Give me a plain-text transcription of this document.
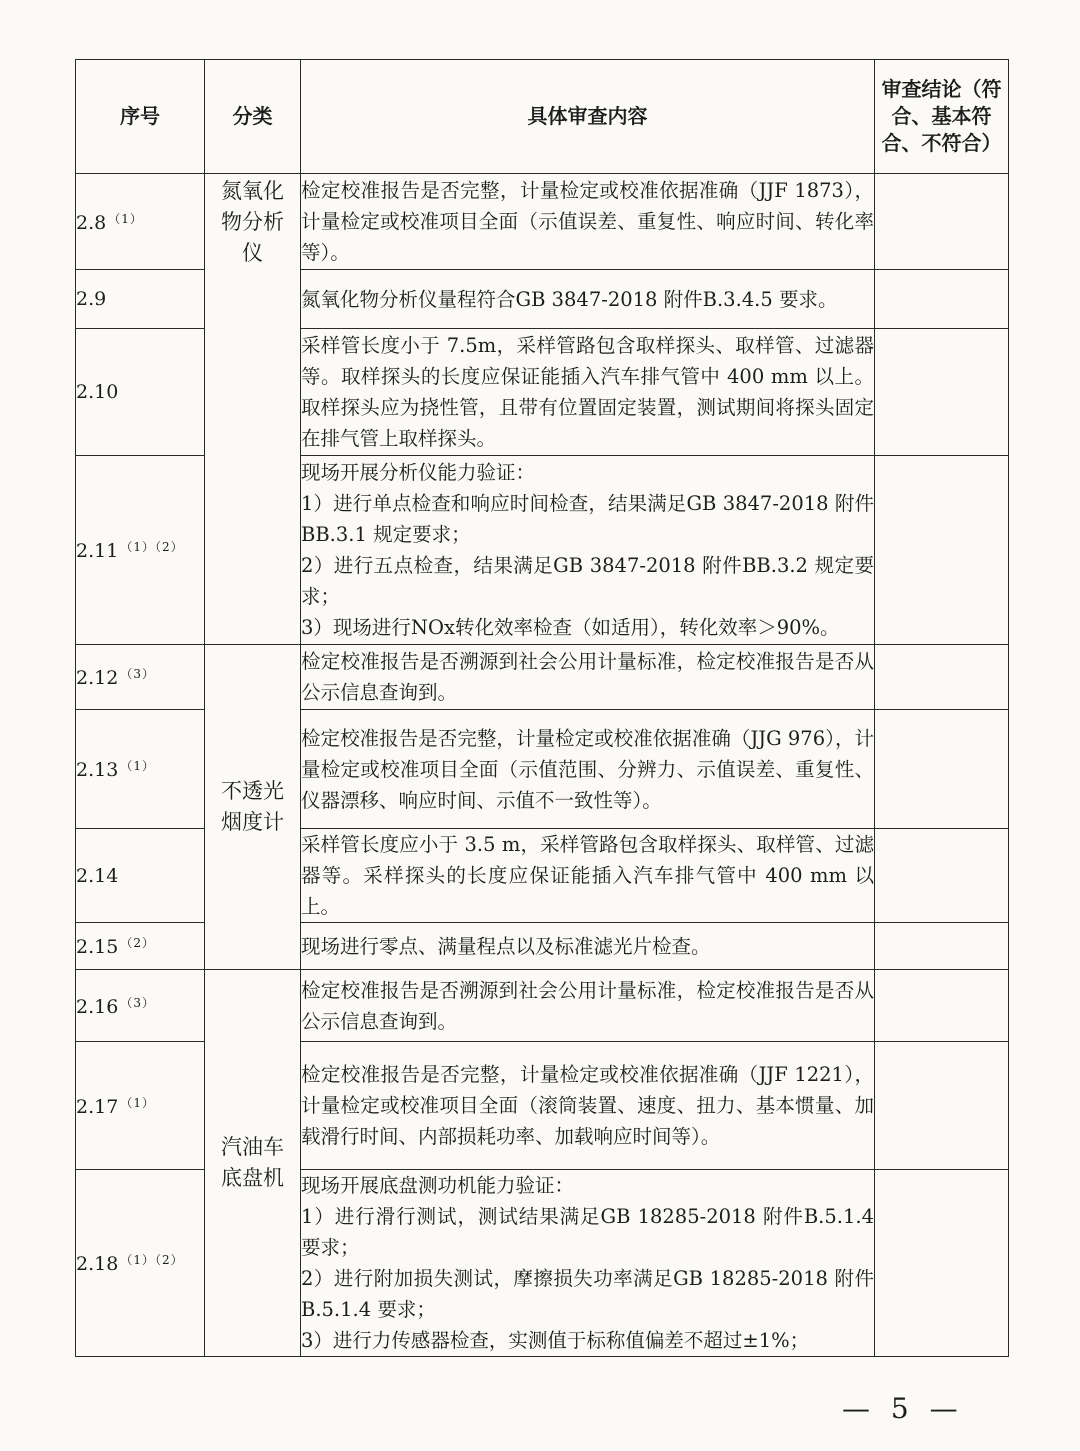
序号	分类	具体审查内容	审查结论（符合、基本符合、不符合）
2.8 $^{(1)}$	氮氧化物分析仪	检定校准报告是否完整，计量检定或校准依据准确（JJF 1873），计量检定或校准项目全面（示值误差、重复性、响应时间、转化率等）。	

2.9		氮氧化物分析仪量程符合GB 3847-2018 附件B.3.4.5 要求。	

2.10		采样管长度小于 7.5m，采样管路包含取样探头、取样管、过滤器等。取样探头的长度应保证能插入汽车排气管中 400 mm 以上。取样探头应为挠性管，且带有位置固定装置，测试期间将探头固定在排气管上取样探头。	

2.11 $^{(1)(2)}$		现场开展分析仪能力验证：
1）进行单点检查和响应时间检查，结果满足GB 3847-2018 附件BB.3.1 规定要求；
2）进行五点检查，结果满足GB 3847-2018 附件BB.3.2 规定要求；
3）现场进行NOx转化效率检查（如适用），转化效率＞90%。	

2.12 $^{(3)}$	不透光烟度计	检定校准报告是否溯源到社会公用计量标准，检定校准报告是否从公示信息查询到。	

2.13 $^{(1)}$		检定校准报告是否完整，计量检定或校准依据准确（JJG 976），计量检定或校准项目全面（示值范围、分辨力、示值误差、重复性、仪器漂移、响应时间、示值不一致性等）。	

2.14		采样管长度应小于 3.5 m，采样管路包含取样探头、取样管、过滤器等。采样探头的长度应保证能插入汽车排气管中 400 mm 以上。	

2.15 $^{(2)}$		现场进行零点、满量程点以及标准滤光片检查。	

2.16 $^{(3)}$	汽油车底盘机	检定校准报告是否溯源到社会公用计量标准，检定校准报告是否从公示信息查询到。	

2.17 $^{(1)}$		检定校准报告是否完整，计量检定或校准依据准确（JJF 1221），计量检定或校准项目全面（滚筒装置、速度、扭力、基本惯量、加载滑行时间、内部损耗功率、加载响应时间等）。	

2.18 $^{(1)(2)}$		现场开展底盘测功机能力验证：
1）进行滑行测试，测试结果满足GB 18285-2018 附件B.5.1.4 要求；
2）进行附加损失测试，摩擦损失功率满足GB 18285-2018 附件B.5.1.4 要求；
3）进行力传感器检查，实测值于标称值偏差不超过±1%；	

— 5 —
